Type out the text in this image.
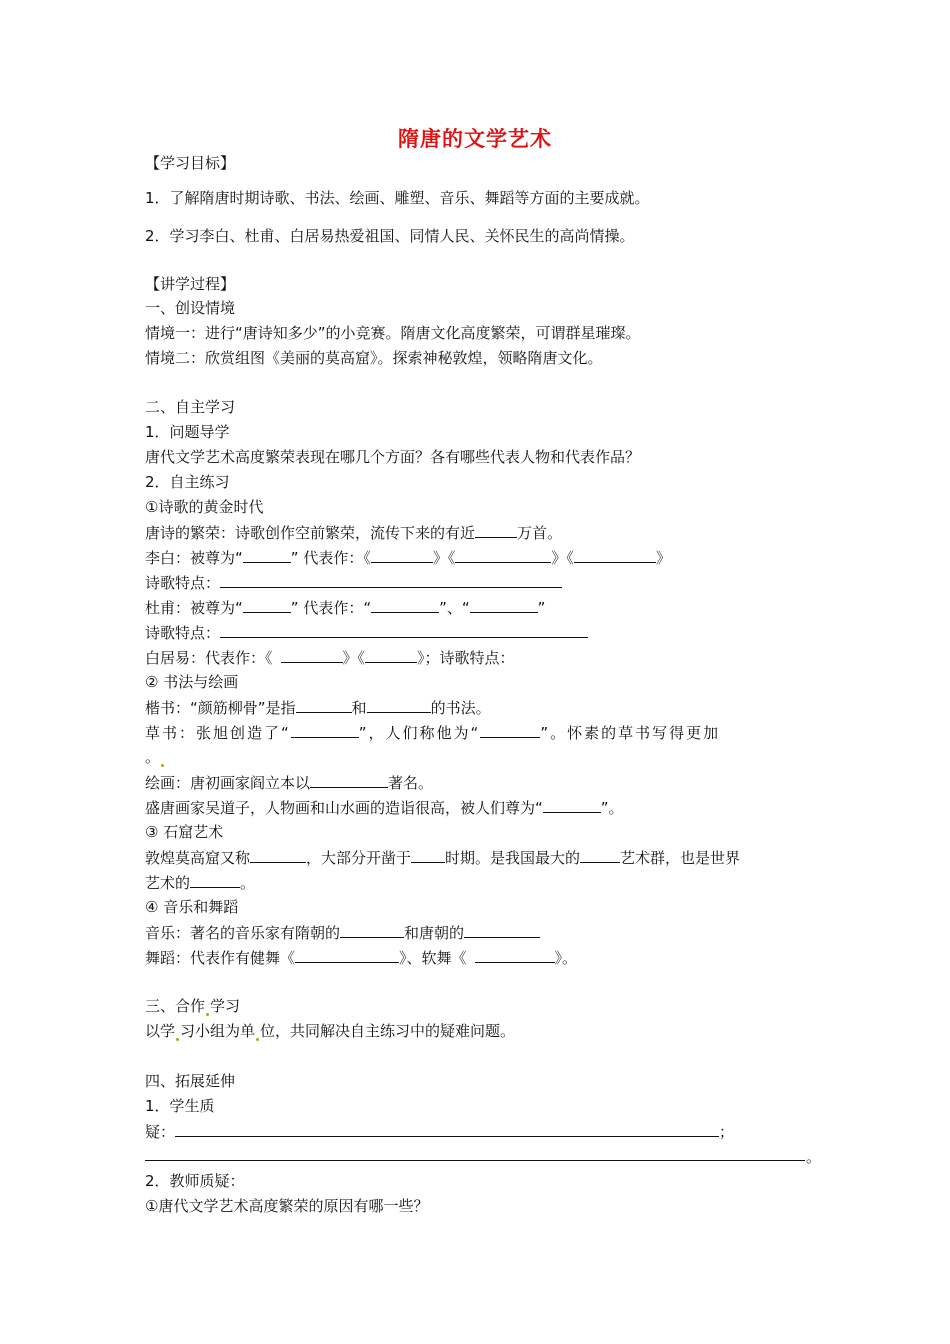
隋唐的文学艺术
【学习目标】
1．了解隋唐时期诗歌、书法、绘画、雕塑、音乐、舞蹈等方面的主要成就。
2．学习李白、杜甫、白居易热爱祖国、同情人民、关怀民生的高尚情操。
【讲学过程】
一、创设情境
情境一：进行“唐诗知多少”的小竞赛。隋唐文化高度繁荣，可谓群星璀璨。
情境二：欣赏组图《美丽的莫高窟》。探索神秘敦煌，领略隋唐文化。
二、自主学习
1．问题导学
唐代文学艺术高度繁荣表现在哪几个方面？各有哪些代表人物和代表作品？
2．自主练习
①诗歌的黄金时代
唐诗的繁荣：诗歌创作空前繁荣，流传下来的有近	万首。
李白：被尊为“	” 代表作：《	》《	》《	》
诗歌特点：
杜甫：被尊为“	” 代表作：“	”、“	”
诗歌特点：
白居易：代表作：《	》《	》；诗歌特点：
② 书法与绘画
楷书：“颜筋柳骨”是指	和	的书法。
草书：张旭创造了“	”，人们称他为“	”。怀素的草书写得更加
。
绘画：唐初画家阎立本以	著名。
盛唐画家吴道子，人物画和山水画的造诣很高，被人们尊为“	”。
③ 石窟艺术
敦煌莫高窟又称	，大部分开凿于 时期。是我国最大的	艺术群，也是世界
艺术的	。
④ 音乐和舞蹈
音乐：著名的音乐家有隋朝的	和唐朝的
舞蹈：代表作有健舞《	》、软舞《	》。
三、合作 学习
以学 习小组为单 位，共同解决自主练习中的疑难问题。
四、拓展延伸
1．学生质
疑：	；
。
2．教师质疑：
①唐代文学艺术高度繁荣的原因有哪一些？
